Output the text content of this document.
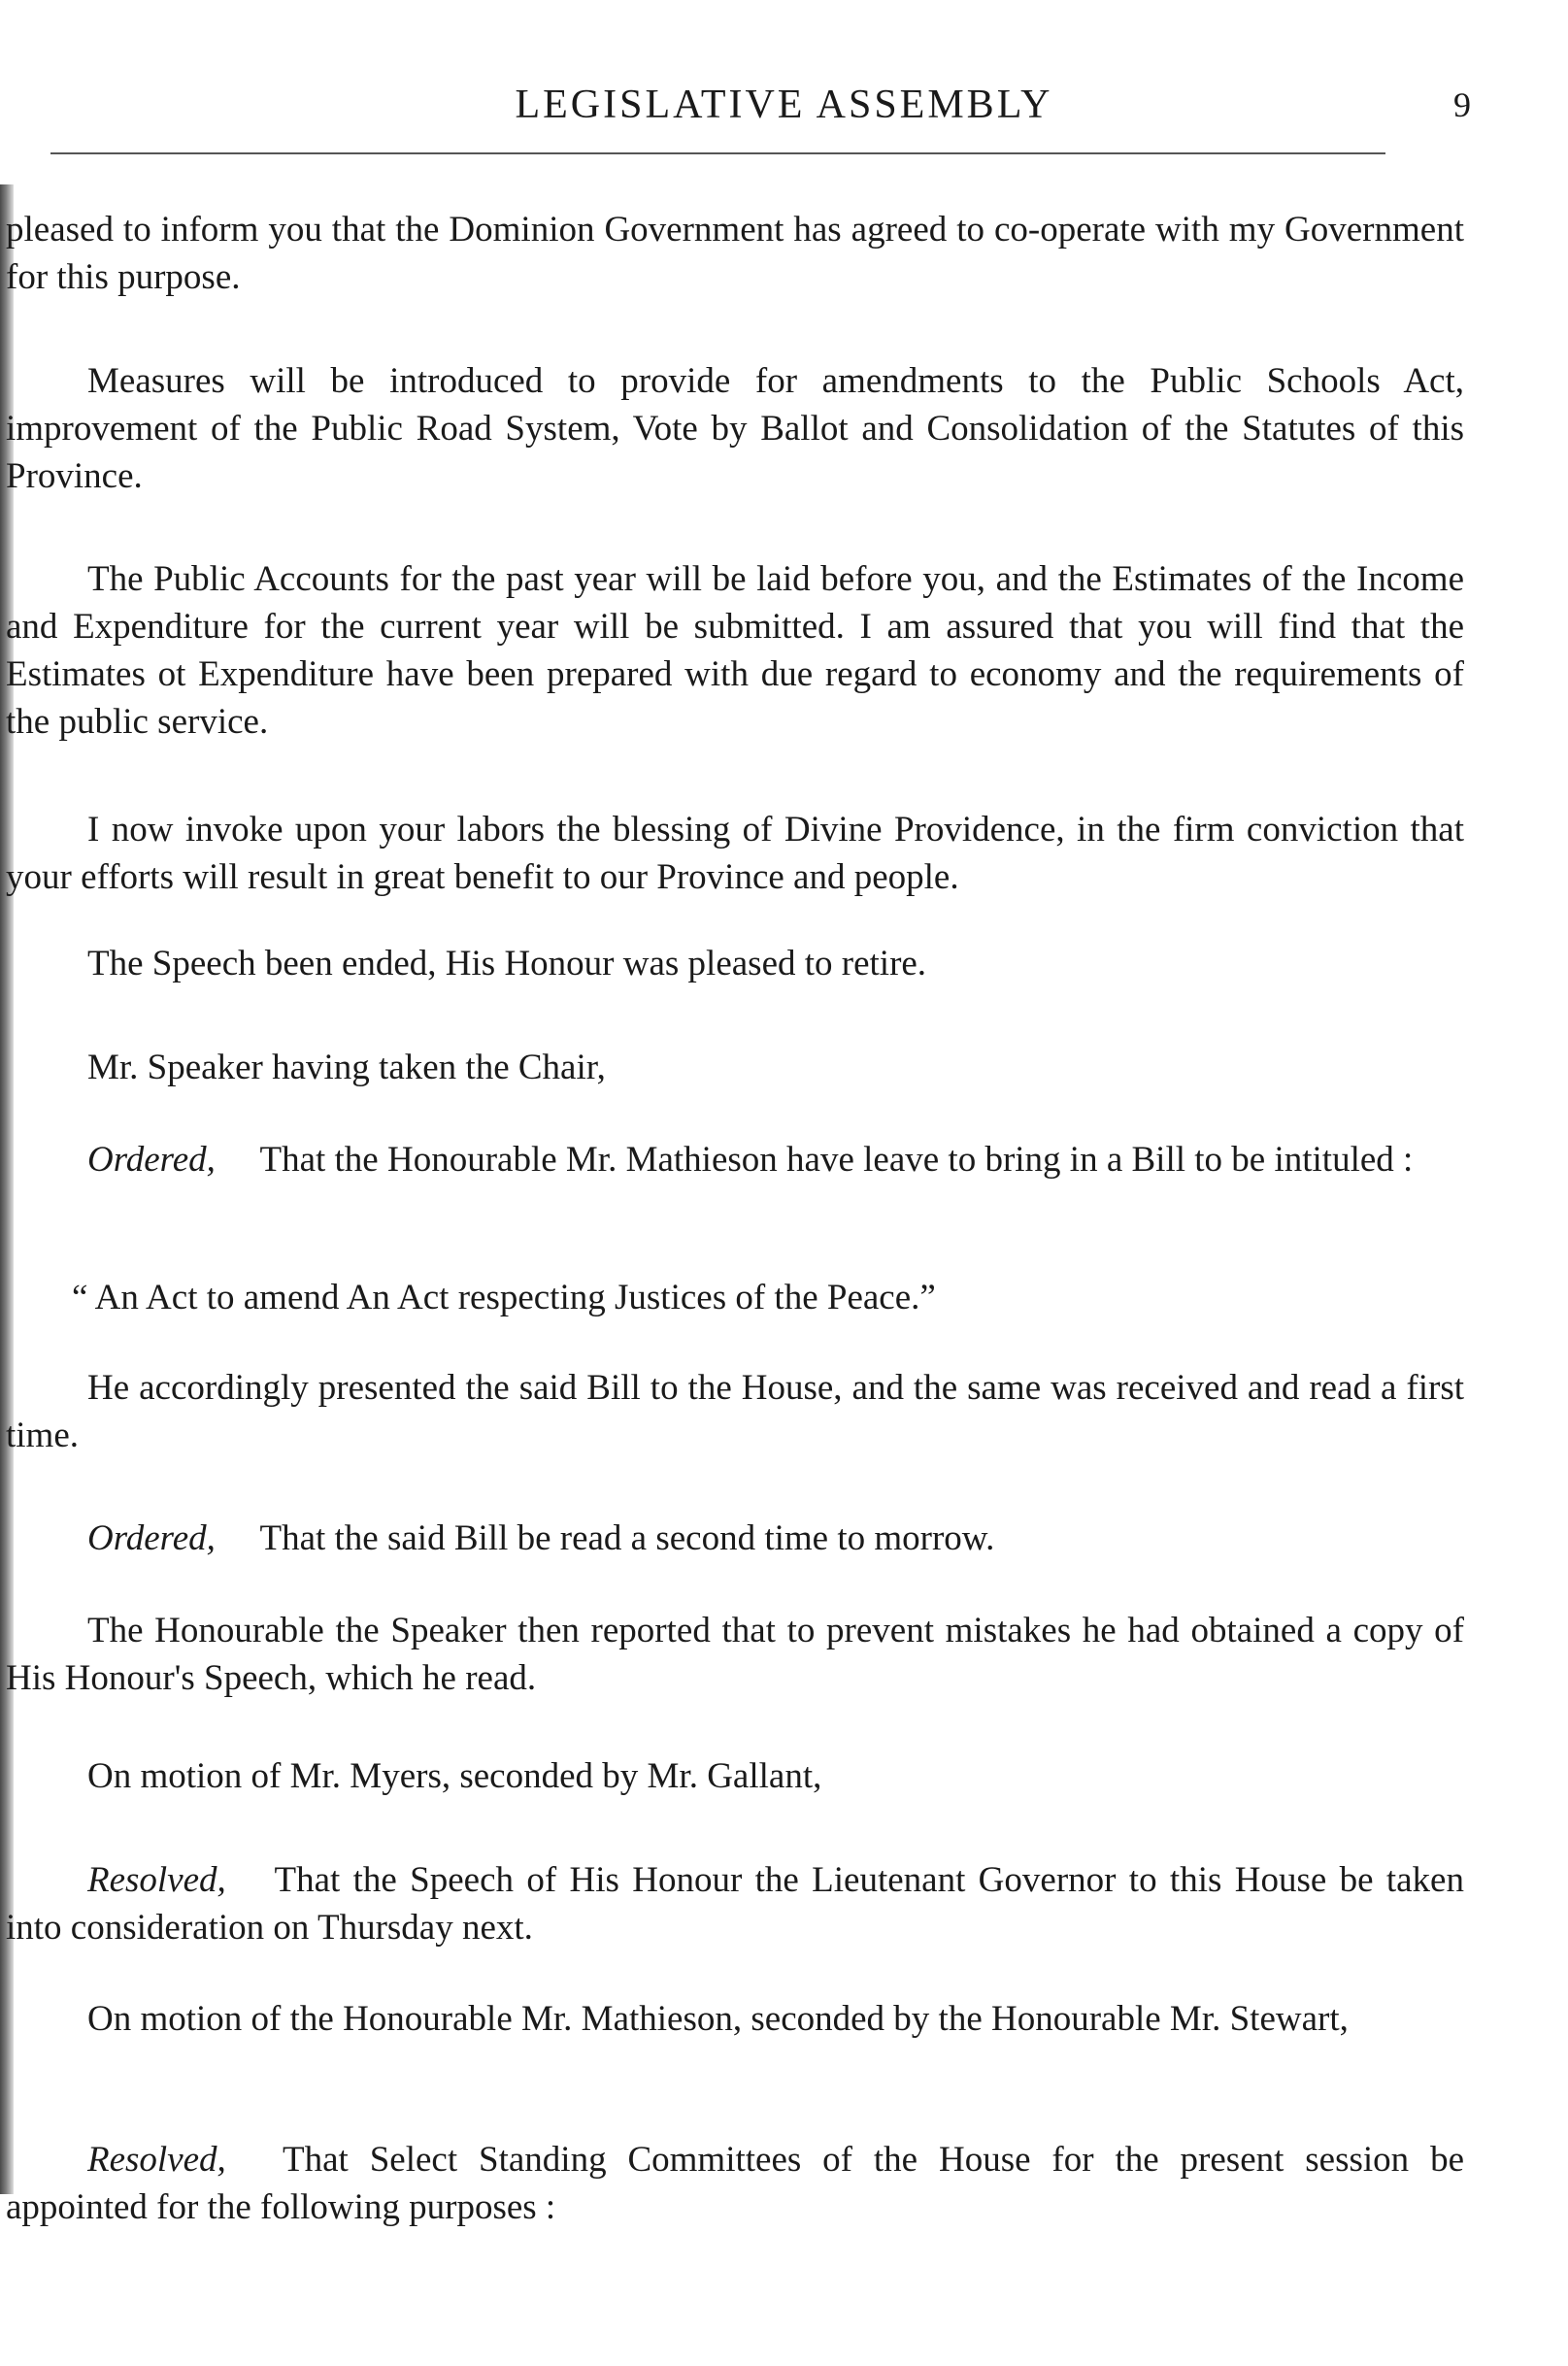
LEGISLATIVE ASSEMBLY	9

pleased to inform you that the Dominion Government has agreed to co-operate with my Government for this purpose.

Measures will be introduced to provide for amendments to the Public Schools Act, improvement of the Public Road System, Vote by Ballot and Consolidation of the Statutes of this Province.

The Public Accounts for the past year will be laid before you, and the Estimates of the Income and Expenditure for the current year will be submitted. I am assured that you will find that the Estimates ot Expenditure have been prepared with due regard to economy and the requirements of the public service.

I now invoke upon your labors the blessing of Divine Providence, in the firm conviction that your efforts will result in great benefit to our Province and people.

The Speech been ended, His Honour was pleased to retire.

Mr. Speaker having taken the Chair,

Ordered,  That the Honourable Mr. Mathieson have leave to bring in a Bill to be intituled :

“ An Act to amend An Act respecting Justices of the Peace.”

He accordingly presented the said Bill to the House, and the same was received and read a first time.

Ordered,  That the said Bill be read a second time to morrow.

The Honourable the Speaker then reported that to prevent mistakes he had obtained a copy of His Honour's Speech, which he read.

On motion of Mr. Myers, seconded by Mr. Gallant,

Resolved,  That the Speech of His Honour the Lieutenant Governor to this House be taken into consideration on Thursday next.

On motion of the Honourable Mr. Mathieson, seconded by the Honourable Mr. Stewart,

Resolved,  That Select Standing Committees of the House for the present session be appointed for the following purposes :
